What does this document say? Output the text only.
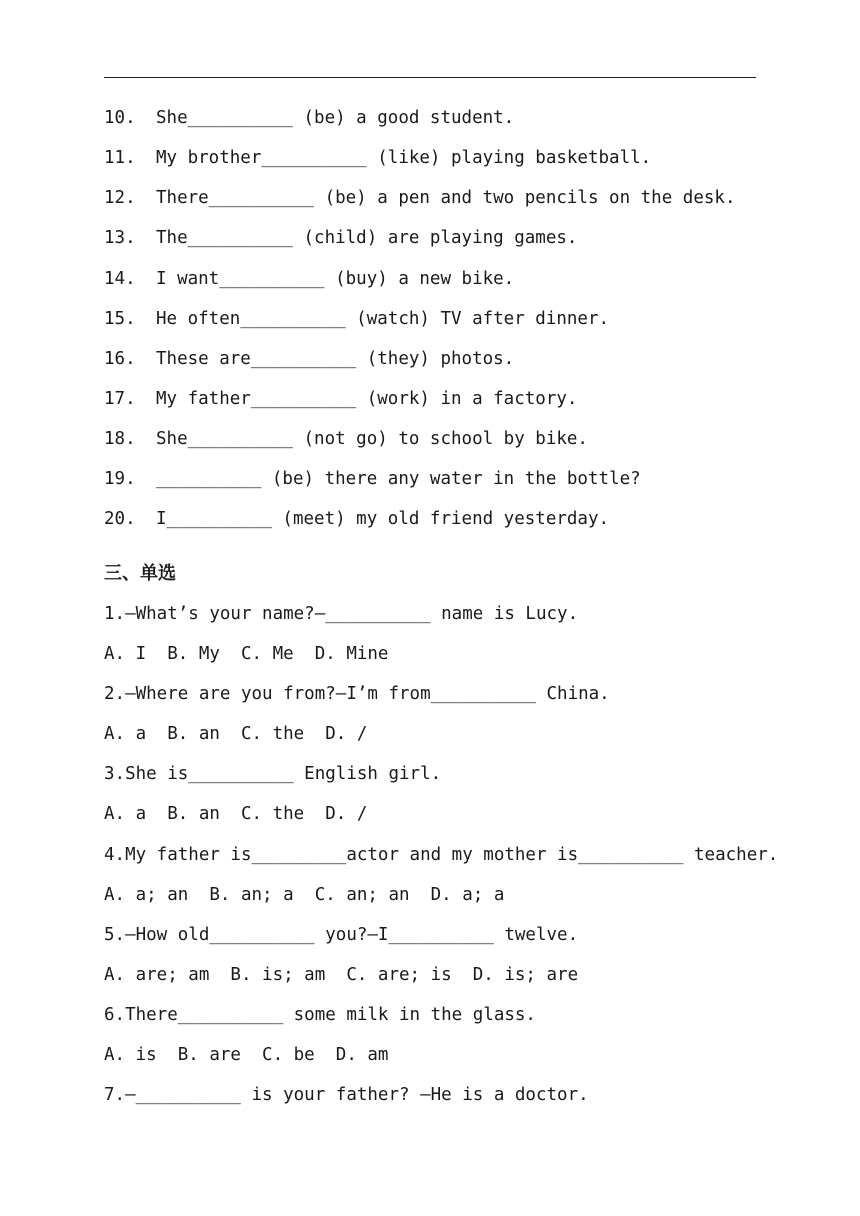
10. She__________ (be) a good student.
11. My brother__________ (like) playing basketball.
12. There__________ (be) a pen and two pencils on the desk.
13. The__________ (child) are playing games.
14. I want__________ (buy) a new bike.
15. He often__________ (watch) TV after dinner.
16. These are__________ (they) photos.
17. My father__________ (work) in a factory.
18. She__________ (not go) to school by bike.
19. __________ (be) there any water in the bottle?
20. I__________ (meet) my old friend yesterday.
三、单选
1.—What’s your name?—__________ name is Lucy.
A. I  B. My  C. Me  D. Mine
2.—Where are you from?—I’m from__________ China.
A. a  B. an  C. the  D. /
3.She is__________ English girl.
A. a  B. an  C. the  D. /
4.My father is_________actor and my mother is__________ teacher.
A. a; an  B. an; a  C. an; an  D. a; a
5.—How old__________ you?—I__________ twelve.
A. are; am  B. is; am  C. are; is  D. is; are
6.There__________ some milk in the glass.
A. is  B. are  C. be  D. am
7.—__________ is your father? —He is a doctor.
